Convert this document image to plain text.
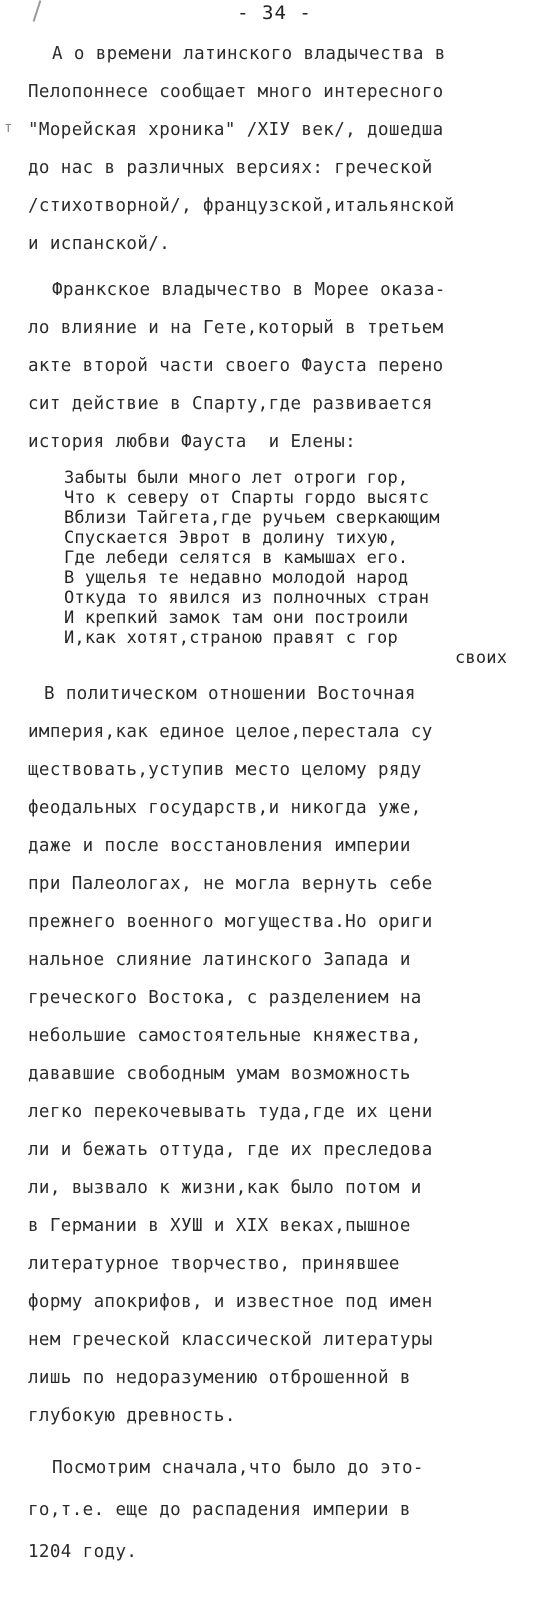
- 34 -
т
А о времени латинского владычества в
Пелопоннесе сообщает много интересного
"Морейская хроника" /XIУ век/, дошедша
до нас в различных версиях: греческой
/стихотворной/, французской,итальянской
и испанской/.
Франкское владычество в Морее оказа-
ло влияние и на Гете,который в третьем
акте второй части своего Фауста перено
сит действие в Спарту,где развивается
история любви Фауста  и Елены:
Забыты были много лет отроги гор,
Что к северу от Спарты гордо высятс
Вблизи Тайгета,где ручьем сверкающим
Спускается Эврот в долину тихую,
Где лебеди селятся в камышах его.
В ущелья те недавно молодой народ
Откуда то явился из полночных стран
И крепкий замок там они построили
И,как хотят,страною правят с гор
своих
В политическом отношении Восточная
империя,как единое целое,перестала су
ществовать,уступив место целому ряду
феодальных государств,и никогда уже,
даже и после восстановления империи
при Палеологах, не могла вернуть себе
прежнего военного могущества.Но ориги
нальное слияние латинского Запада и
греческого Востока, с разделением на
небольшие самостоятельные княжества,
дававшие свободным умам возможность
легко перекочевывать туда,где их цени
ли и бежать оттуда, где их преследова
ли, вызвало к жизни,как было потом и
в Германии в ХУШ и XIX веках,пышное
литературное творчество, принявшее
форму апокрифов, и известное под имен
нем греческой классической литературы
лишь по недоразумению отброшенной в
глубокую древность.
Посмотрим сначала,что было до это-
го,т.е. еще до распадения империи в
1204 году.
